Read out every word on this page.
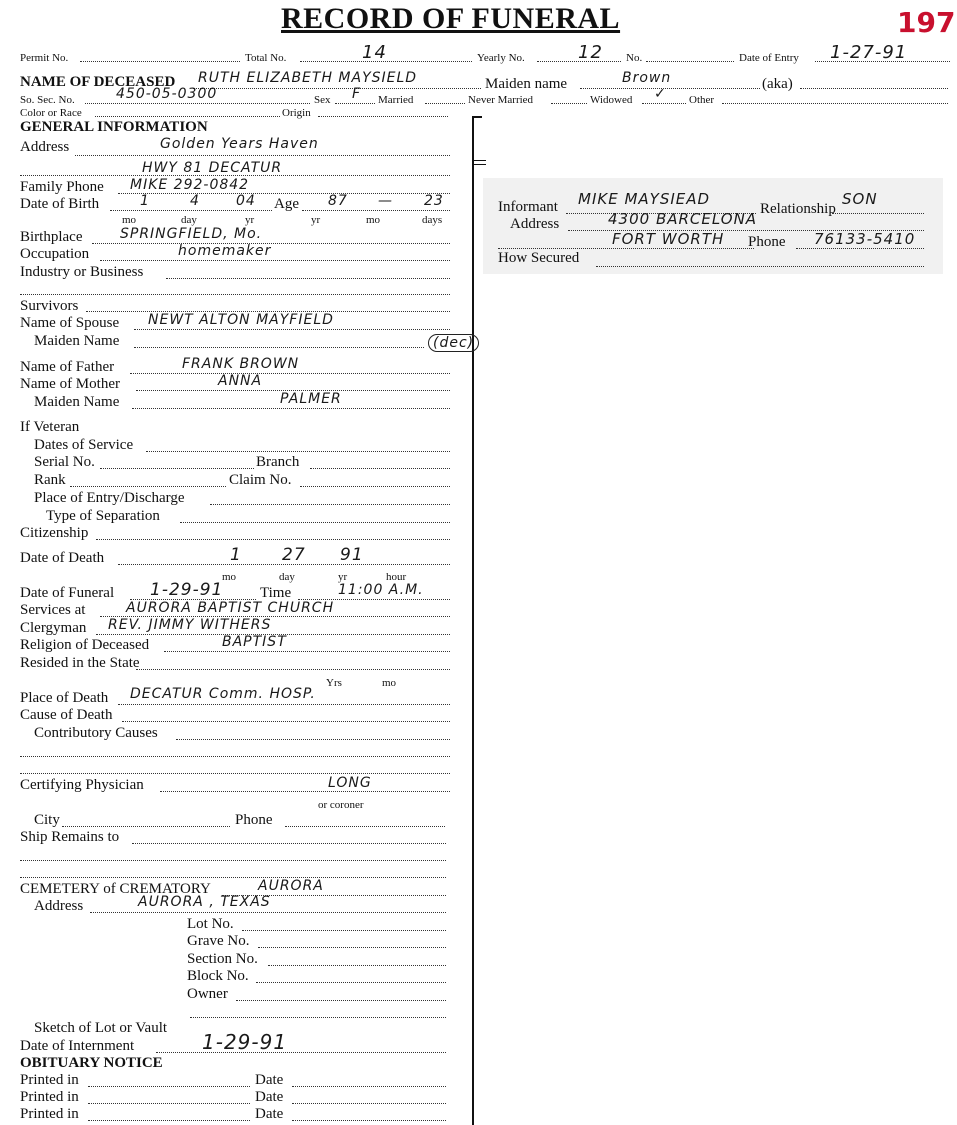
RECORD OF FUNERAL	197
Permit No.	Total No.	14	Yearly No.	12 No.	Date of Entry 1-27-91
NAME OF DECEASED RUTH ELIZABETH MAYSIELD	Maiden name	Brown	(aka)
So. Sec. No.	450-05-0300	Sex F Married	Never Married	Widowed ✓ Other
Color or Race	Origin
GENERAL INFORMATION
Address	Golden Years Haven
HWY 81 DECATUR
Family Phone MIKE 292-0842
Date of Birth	1	4	04 Age 87 — 23
mo	day	yr	yr	mo	days
Birthplace	SPRINGFIELD, Mo.
Occupation	homemaker
Industry or Business
Survivors
Name of Spouse NEWT ALTON MAYFIELD
(dec)
Maiden Name
Name of Father	FRANK BROWN
Name of Mother	ANNA
Maiden Name	PALMER
If Veteran
Dates of Service
Serial No.	Branch
Rank	Claim No.
Place of Entry/Discharge
Type of Separation
Citizenship
Date of Death	1 27 91
mo	day	yr	hour
Date of Funeral 1-29-91 Time	11:00 A.M.
Services at	AURORA BAPTIST CHURCH
Clergyman REV. JIMMY WITHERS
Religion of Deceased	BAPTIST
Resided in the State
Yrs	mo
Place of Death DECATUR Comm. HOSP.
Cause of Death
Contributory Causes
Certifying Physician	LONG
or coroner
City	Phone
Ship Remains to
CEMETERY of CREMATORY	AURORA
Address	AURORA , TEXAS
Lot No.
Grave No.
Section No.
Block No.
Owner
Sketch of Lot or Vault
Date of Internment	1-29-91
OBITUARY NOTICE
Printed in	Date
Printed in	Date
Printed in	Date
Informant MIKE MAYSIEAD
Relationship
SON
Address	4300 BARCELONA
FORT WORTH Phone 76133-5410
How Secured
